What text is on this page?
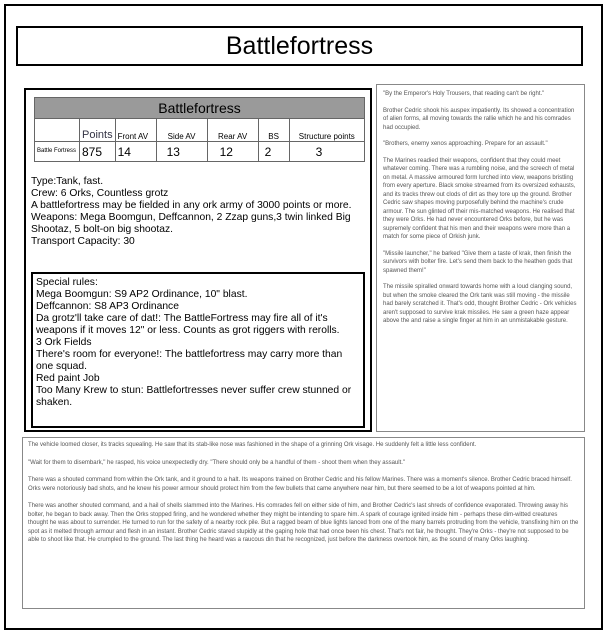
Battlefortress
Battlefortress						
	Points	Front AV	Side AV	Rear AV	BS	Structure points
Battle Fortress	875	14	13	12	2	3
Type:Tank, fast.
Crew: 6 Orks, Countless grotz
A battlefortress may be fielded in any ork army of 3000 points or more.
Weapons: Mega Boomgun, Deffcannon, 2 Zzap guns,3 twin linked Big Shootaz, 5 bolt-on big shootaz.
Transport Capacity: 30
Special rules:
Mega Boomgun: S9 AP2 Ordinance, 10" blast.
Deffcannon: S8 AP3 Ordinance
Da grotz'll take care of dat!: The BattleFortress may fire all of it's weapons if it moves 12" or less. Counts as grot riggers with rerolls.
3 Ork Fields
There's room for everyone!: The battlefortress may carry more than one squad.
Red paint Job
Too Many Krew to stun: Battlefortresses never suffer crew stunned or shaken.

"By the Emperor's Holy Trousers, that reading can't be right."

Brother Cedric shook his auspex impatiently. Its showed a concentration of alien forms, all moving towards the rallie which he and his comrades had occupied.

"Brothers, enemy xenos approaching. Prepare for an assault."

The Marines readied their weapons, confident that they could meet whatever coming. There was a rumbling noise, and the screech of metal on metal. A massive armoured form lurched into view, weapons bristling from every aperture. Black smoke streamed from its oversized exhausts, and its tracks threw out clods of dirt as they tore up the ground. Brother Cedric saw shapes moving purposefully behind the machine's crude armour. The sun glinted off their mis-matched weapons. He realised that they were Orks. He had never encountered Orks before, but he was supremely confident that his men and their weapons were more than a match for some piece of Orkish junk.

"Missile launcher," he barked "Give them a taste of krak, then finish the survivors with bolter fire. Let's send them back to the heathen gods that spawned them!"

The missile spiralled onward towards home with a loud clanging sound, but when the smoke cleared the Ork tank was still moving - the missile had barely scratched it. That's odd, thought Brother Cedric - Ork vehicles aren't supposed to survive krak missiles. He saw a green haze appear above the and raise a single finger at him in an unmistakable gesture.

The vehicle loomed closer, its tracks squealing. He saw that its stab-like nose was fashioned in the shape of a grinning Ork visage. He suddenly felt a little less confident.

"Wait for them to disembark," he rasped, his voice unexpectedly dry. "There should only be a handful of them - shoot them when they assault."

There was a shouted command from within the Ork tank, and it ground to a halt. Its weapons trained on Brother Cedric and his fellow Marines. There was a moment's silence. Brother Cedric braced himself. Orks were notoriously bad shots, and he knew his power armour should protect him from the few bullets that came anywhere near him, but there seemed to be a lot of weapons pointed at him.

There was another shouted command, and a hail of shells slammed into the Marines. His comrades fell on either side of him, and Brother Cedric's last shreds of confidence evaporated. Throwing away his bolter, he began to back away. Then the Orks stopped firing, and he wondered whether they might be intending to spare him. A spark of courage ignited inside him - perhaps these dim-witted creatures thought he was about to surrender. He turned to run for the safety of a nearby rock pile. But a ragged beam of blue lights lanced from one of the many barrels protruding from the vehicle, transfixing him on the spot as it melted through armour and flesh in an instant. Brother Cedric stared stupidly at the gaping hole that had once been his chest. That's not fair, he thought. They're Orks - they're not supposed to be able to shoot like that. He crumpled to the ground. The last thing he heard was a raucous din that he recognized, just before the darkness overtook him, as the sound of many Orks laughing.
